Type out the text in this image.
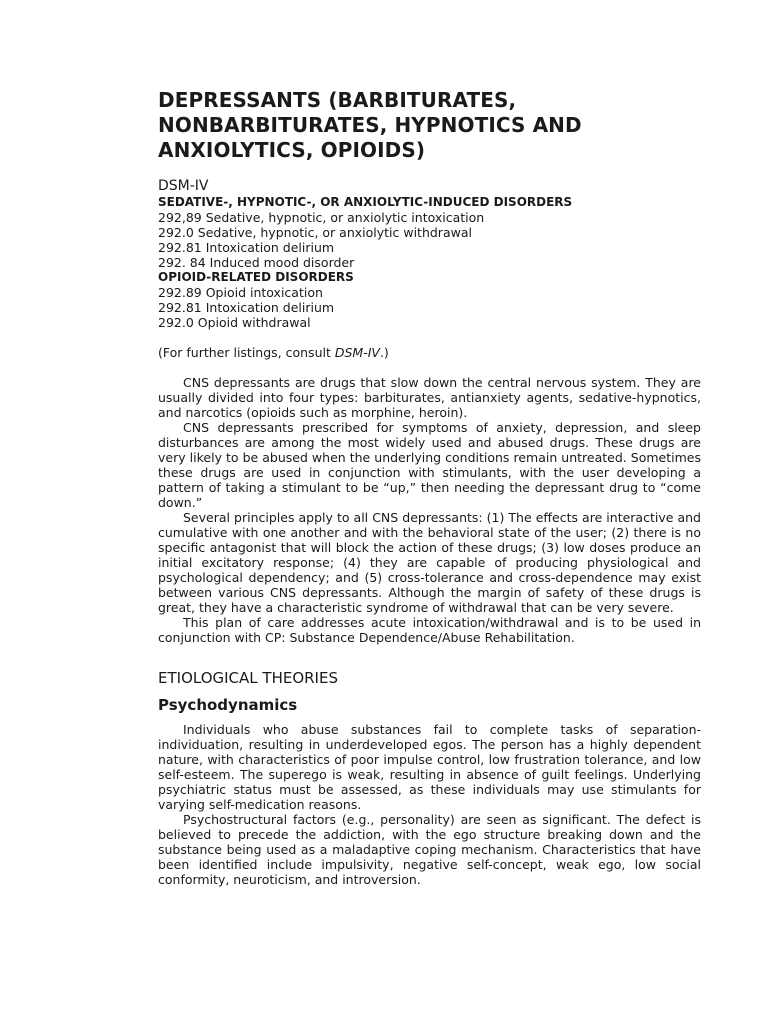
DEPRESSANTS (BARBITURATES, NONBARBITURATES, HYPNOTICS AND ANXIOLYTICS, OPIOIDS)
DSM-IV
SEDATIVE-, HYPNOTIC-, OR ANXIOLYTIC-INDUCED DISORDERS
292,89 Sedative, hypnotic, or anxiolytic intoxication
292.0 Sedative, hypnotic, or anxiolytic withdrawal
292.81 Intoxication delirium
292. 84 Induced mood disorder
OPIOID-RELATED DISORDERS
292.89 Opioid intoxication
292.81 Intoxication delirium
292.0 Opioid withdrawal

(For further listings, consult DSM-IV.)

CNS depressants are drugs that slow down the central nervous system. They are usually divided into four types: barbiturates, antianxiety agents, sedative-hypnotics, and narcotics (opioids such as morphine, heroin).

CNS depressants prescribed for symptoms of anxiety, depression, and sleep disturbances are among the most widely used and abused drugs. These drugs are very likely to be abused when the underlying conditions remain untreated. Sometimes these drugs are used in conjunction with stimulants, with the user developing a pattern of taking a stimulant to be “up,” then needing the depressant drug to “come down.”

Several principles apply to all CNS depressants: (1) The effects are interactive and cumulative with one another and with the behavioral state of the user; (2) there is no specific antagonist that will block the action of these drugs; (3) low doses produce an initial excitatory response; (4) they are capable of producing physiological and psychological dependency; and (5) cross-tolerance and cross-dependence may exist between various CNS depressants. Although the margin of safety of these drugs is great, they have a characteristic syndrome of withdrawal that can be very severe.

This plan of care addresses acute intoxication/withdrawal and is to be used in conjunction with CP: Substance Dependence/Abuse Rehabilitation.

ETIOLOGICAL THEORIES
Psychodynamics

Individuals who abuse substances fail to complete tasks of separation-individuation, resulting in underdeveloped egos. The person has a highly dependent nature, with characteristics of poor impulse control, low frustration tolerance, and low self-esteem. The superego is weak, resulting in absence of guilt feelings. Underlying psychiatric status must be assessed, as these individuals may use stimulants for varying self-medication reasons.

Psychostructural factors (e.g., personality) are seen as significant. The defect is believed to precede the addiction, with the ego structure breaking down and the substance being used as a maladaptive coping mechanism. Characteristics that have been identified include impulsivity, negative self-concept, weak ego, low social conformity, neuroticism, and introversion.
